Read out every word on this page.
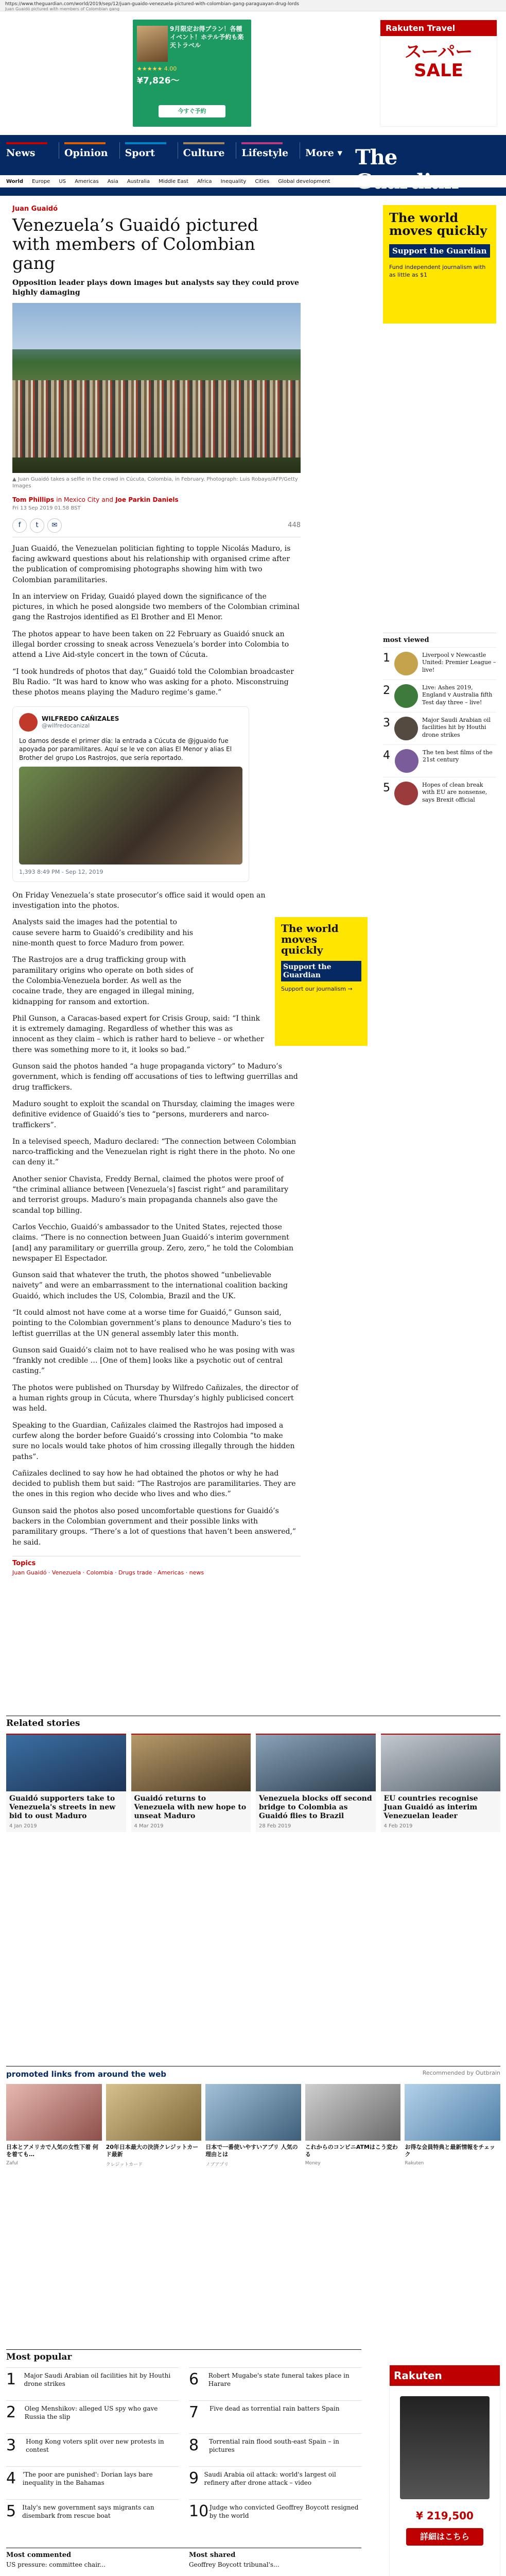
https://www.theguardian.com/world/2019/sep/12/juan-guaido-venezuela-pictured-with-colombian-gang-paraguayan-drug-lords
Juan Guaidó pictured with members of Colombian gang
9月限定お得プラン！各種イベント！ホテル予約も楽天トラベル
★★★★★ 4.00
¥7,826〜
今すぐ予約
Rakuten Travel
スーパーSALE
News	Opinion	Sport	Culture	Lifestyle	More ▾ The
World Europe US Americas Asia Australia Middle East Africa Inequality Cities Global development
Juan Guaidó
Venezuela’s Guaidó pictured with members of Colombian gang
Opposition leader plays down images but analysts say they could prove highly damaging
▲ Juan Guaidó takes a selfie in the crowd in Cúcuta, Colombia, in February. Photograph: Luis Robayo/AFP/Getty Images
Tom Phillips in Mexico City and Joe Parkin Daniels
Fri 13 Sep 2019 01.58 BST
f	t	✉	448

Juan Guaidó, the Venezuelan politician fighting to topple Nicolás Maduro, is facing awkward questions about his relationship with organised crime after the publication of compromising photographs showing him with two Colombian paramilitaries.

In an interview on Friday, Guaidó played down the significance of the pictures, in which he posed alongside two members of the Colombian criminal gang the Rastrojos identified as El Brother and El Menor.

The photos appear to have been taken on 22 February as Guaidó snuck an illegal border crossing to sneak across Venezuela’s border into Colombia to attend a Live Aid-style concert in the town of Cúcuta.

“I took hundreds of photos that day,” Guaidó told the Colombian broadcaster Blu Radio. “It was hard to know who was asking for a photo. Misconstruing these photos means playing the Maduro regime’s game.”

WILFREDO CAÑIZALES
@wilfredocanizal
Lo damos desde el primer día: la entrada a Cúcuta de @jguaido fue apoyada por paramilitares. Aquí se le ve con alias El Menor y alias El Brother del grupo Los Rastrojos, que sería reportado.
1,393 8:49 PM - Sep 12, 2019

On Friday Venezuela’s state prosecutor’s office said it would open an investigation into the photos.

The world moves quickly
Support the Guardian
Support our journalism →

Analysts said the images had the potential to cause severe harm to Guaidó’s credibility and his nine-month quest to force Maduro from power.

The Rastrojos are a drug trafficking group with paramilitary origins who operate on both sides of the Colombia-Venezuela border. As well as the cocaine trade, they are engaged in illegal mining, kidnapping for ransom and extortion.

Phil Gunson, a Caracas-based expert for Crisis Group, said: “I think it is extremely damaging. Regardless of whether this was as innocent as they claim – which is rather hard to believe – or whether there was something more to it, it looks so bad.”

Gunson said the photos handed “a huge propaganda victory” to Maduro’s government, which is fending off accusations of ties to leftwing guerrillas and drug traffickers.

Maduro sought to exploit the scandal on Thursday, claiming the images were definitive evidence of Guaidó’s ties to “persons, murderers and narco-traffickers”.

In a televised speech, Maduro declared: “The connection between Colombian narco-trafficking and the Venezuelan right is right there in the photo. No one can deny it.”

Another senior Chavista, Freddy Bernal, claimed the photos were proof of “the criminal alliance between [Venezuela’s] fascist right” and paramilitary and terrorist groups. Maduro’s main propaganda channels also gave the scandal top billing.

Carlos Vecchio, Guaidó’s ambassador to the United States, rejected those claims. “There is no connection between Juan Guaidó’s interim government [and] any paramilitary or guerrilla group. Zero, zero,” he told the Colombian newspaper El Espectador.

Gunson said that whatever the truth, the photos showed “unbelievable naivety” and were an embarrassment to the international coalition backing Guaidó, which includes the US, Colombia, Brazil and the UK.

“It could almost not have come at a worse time for Guaidó,” Gunson said, pointing to the Colombian government’s plans to denounce Maduro’s ties to leftist guerrillas at the UN general assembly later this month.

Gunson said Guaidó’s claim not to have realised who he was posing with was “frankly not credible … [One of them] looks like a psychotic out of central casting.”

The photos were published on Thursday by Wilfredo Cañizales, the director of a human rights group in Cúcuta, where Thursday’s highly publicised concert was held.

Speaking to the Guardian, Cañizales claimed the Rastrojos had imposed a curfew along the border before Guaidó’s crossing into Colombia “to make sure no locals would take photos of him crossing illegally through the hidden paths”.

Cañizales declined to say how he had obtained the photos or why he had decided to publish them but said: “The Rastrojos are paramilitaries. They are the ones in this region who decide who lives and who dies.”

Gunson said the photos also posed uncomfortable questions for Guaidó’s backers in the Colombian government and their possible links with paramilitary groups. “There’s a lot of questions that haven’t been answered,” he said.

Topics
Juan Guaidó · Venezuela · Colombia · Drugs trade · Americas · news
The world moves quickly
Support the Guardian
Fund independent journalism with as little as $1
most viewed
1	Liverpool v Newcastle United: Premier League – live!
2	Live: Ashes 2019, England v Australia fifth Test day three – live!
3	Major Saudi Arabian oil facilities hit by Houthi drone strikes
4	The ten best films of the 21st century
5	Hopes of clean break with EU are nonsense, says Brexit official
Related stories
Guaidó supporters take to Venezuela's streets in new bid to oust Maduro
4 Jan 2019
Guaidó returns to Venezuela with new hope to unseat Maduro
4 Mar 2019
Venezuela blocks off second bridge to Colombia as Guaidó flies to Brazil
28 Feb 2019
EU countries recognise Juan Guaidó as interim Venezuelan leader
4 Feb 2019
promoted links from around the web	Recommended by Outbrain
日本とアメリカで人気の女性下着 何を着ても…
Zaful
20年日本最大の決済クレジットカード最新
クレジットカード
日本で一番使いやすいアプリ 人気の理由とは
ノブアプリ
これからのコンビニATMはこう変わる
Money
お得な会員特典と最新情報をチェック
Rakuten
Most popular
1	Major Saudi Arabian oil facilities hit by Houthi drone strikes	6	Robert Mugabe's state funeral takes place in Harare
2	Oleg Menshikov: alleged US spy who gave Russia the slip	7	Five dead as torrential rain batters Spain
3	Hong Kong voters split over new protests in contest	8	Torrential rain flood south-east Spain – in pictures
4 'The poor are punished': Dorian lays bare inequality in the Bahamas	9 Saudi Arabia oil attack: world's largest oil refinery after drone attack – video
5 Italy's new government says migrants can disembark from rescue boat	10 Judge who convicted Geoffrey Boycott resigned by the world
Most commented
US pressure: committee chair...
Most shared
Geoffrey Boycott tribunal's...
Rakuten
¥ 219,500
詳細はこちら
